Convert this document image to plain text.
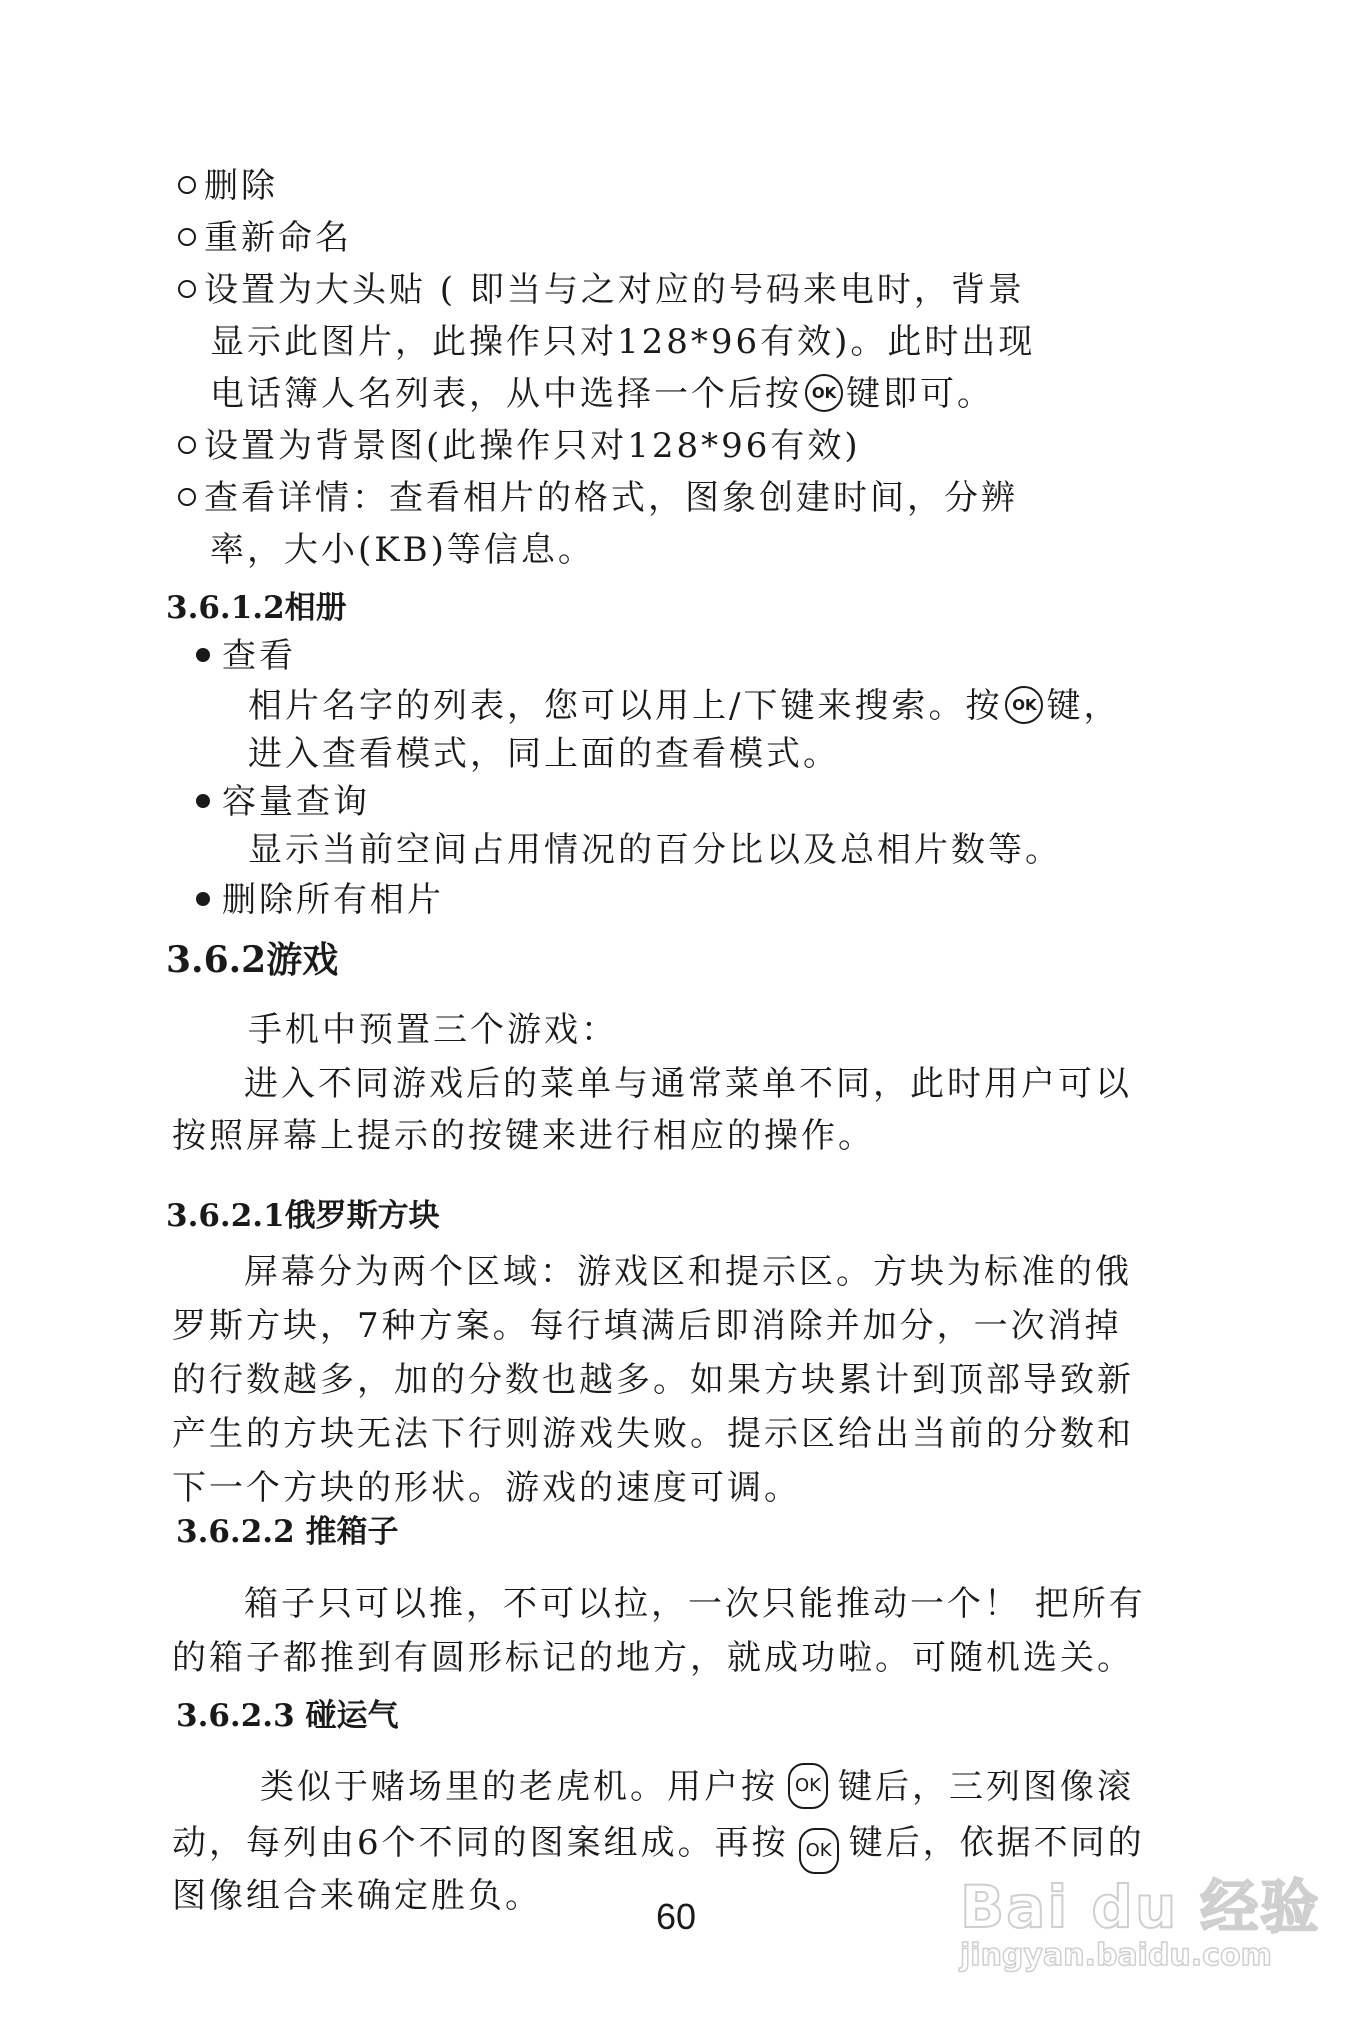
删除
重新命名
设置为大头贴 ( 即当与之对应的号码来电时，背景
显示此图片，此操作只对128*96有效)。此时出现
电话簿人名列表，从中选择一个后按 OK 键即可。
设置为背景图(此操作只对128*96有效)
查看详情：查看相片的格式，图象创建时间，分辨
率，大小(KB)等信息。
3.6.1.2相册
查看
相片名字的列表，您可以用上/下键来搜索。按 OK 键，
进入查看模式，同上面的查看模式。
容量查询
显示当前空间占用情况的百分比以及总相片数等。
删除所有相片
3.6.2游戏
手机中预置三个游戏：
进入不同游戏后的菜单与通常菜单不同，此时用户可以
按照屏幕上提示的按键来进行相应的操作。
3.6.2.1俄罗斯方块
屏幕分为两个区域：游戏区和提示区。方块为标准的俄
罗斯方块，7种方案。每行填满后即消除并加分，一次消掉
的行数越多，加的分数也越多。如果方块累计到顶部导致新
产生的方块无法下行则游戏失败。提示区给出当前的分数和
下一个方块的形状。游戏的速度可调。
3.6.2.2 推箱子
箱子只可以推，不可以拉，一次只能推动一个！ 把所有
的箱子都推到有圆形标记的地方，就成功啦。可随机选关。
3.6.2.3 碰运气
类似于赌场里的老虎机。用户按 OK 键后，三列图像滚
动，每列由6个不同的图案组成。再按 OK 键后，依据不同的
图像组合来确定胜负。	60	Bai du 经验
jingyan.baidu.com
